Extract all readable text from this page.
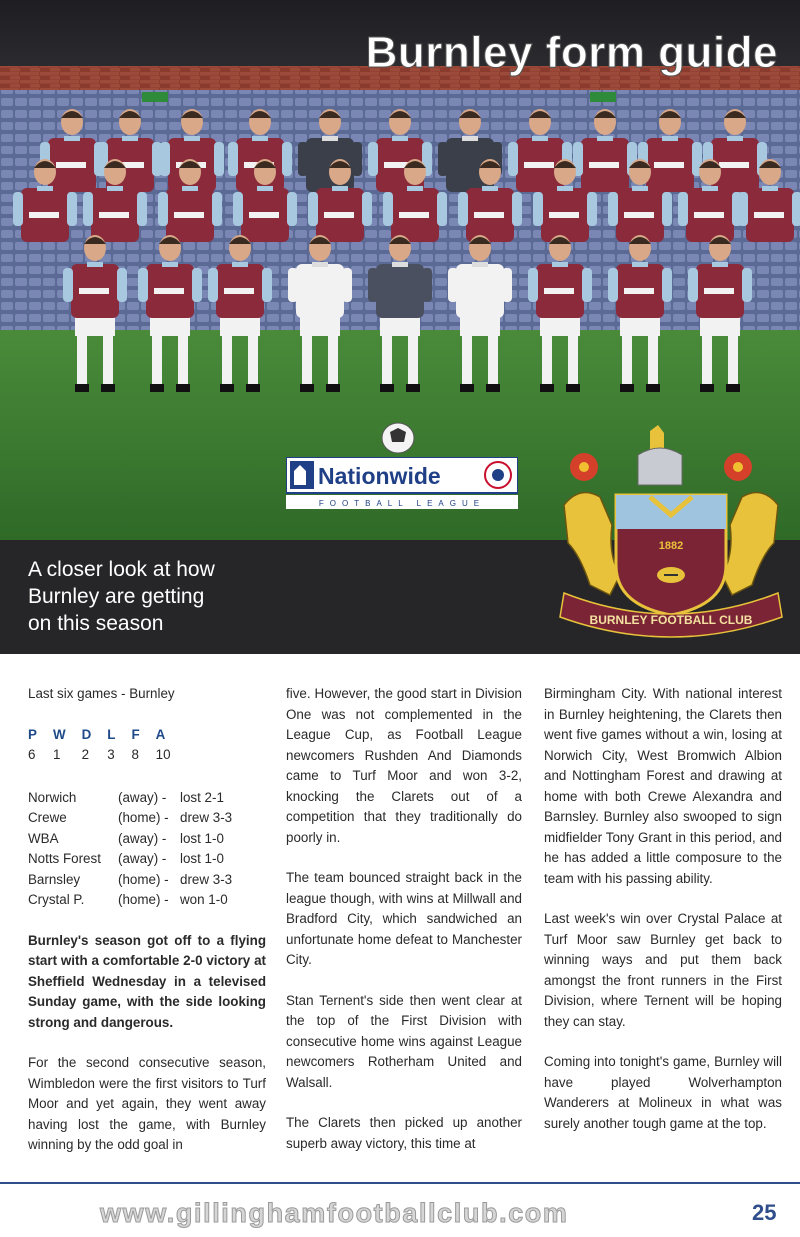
Burnley form guide
Nationwide
FOOTBALL LEAGUE
A closer look at how
Burnley are getting
on this season
1882
BURNLEY FOOTBALL CLUB

Last six games - Burnley

P W D L F A
6 1	2 3 8 10
Norwich	(away) -	lost 2-1
Crewe	(home) - drew 3-3
WBA	(away) -	lost 1-0
Notts Forest	(away) -	lost 1-0
Barnsley	(home) - drew 3-3
Crystal P.	(home) - won 1-0

Burnley's season got off to a flying start with a comfortable 2-0 victory at Sheffield Wednesday in a televised Sunday game, with the side looking strong and dangerous.

For the second consecutive season, Wimbledon were the first visitors to Turf Moor and yet again, they went away having lost the game, with Burnley winning by the odd goal in

five. However, the good start in Division One was not complemented in the League Cup, as Football League newcomers Rushden And Diamonds came to Turf Moor and won 3-2, knocking the Clarets out of a competition that they traditionally do poorly in.

The team bounced straight back in the league though, with wins at Millwall and Bradford City, which sandwiched an unfortunate home defeat to Manchester City.

Stan Ternent's side then went clear at the top of the First Division with consecutive home wins against League newcomers Rotherham United and Walsall.

The Clarets then picked up another superb away victory, this time at

Birmingham City. With national interest in Burnley heightening, the Clarets then went five games without a win, losing at Norwich City, West Bromwich Albion and Nottingham Forest and drawing at home with both Crewe Alexandra and Barnsley. Burnley also swooped to sign midfielder Tony Grant in this period, and he has added a little composure to the team with his passing ability.

Last week's win over Crystal Palace at Turf Moor saw Burnley get back to winning ways and put them back amongst the front runners in the First Division, where Ternent will be hoping they can stay.

Coming into tonight's game, Burnley will have played Wolverhampton Wanderers at Molineux in what was surely another tough game at the top.

www.gillinghamfootballclub.com	25
